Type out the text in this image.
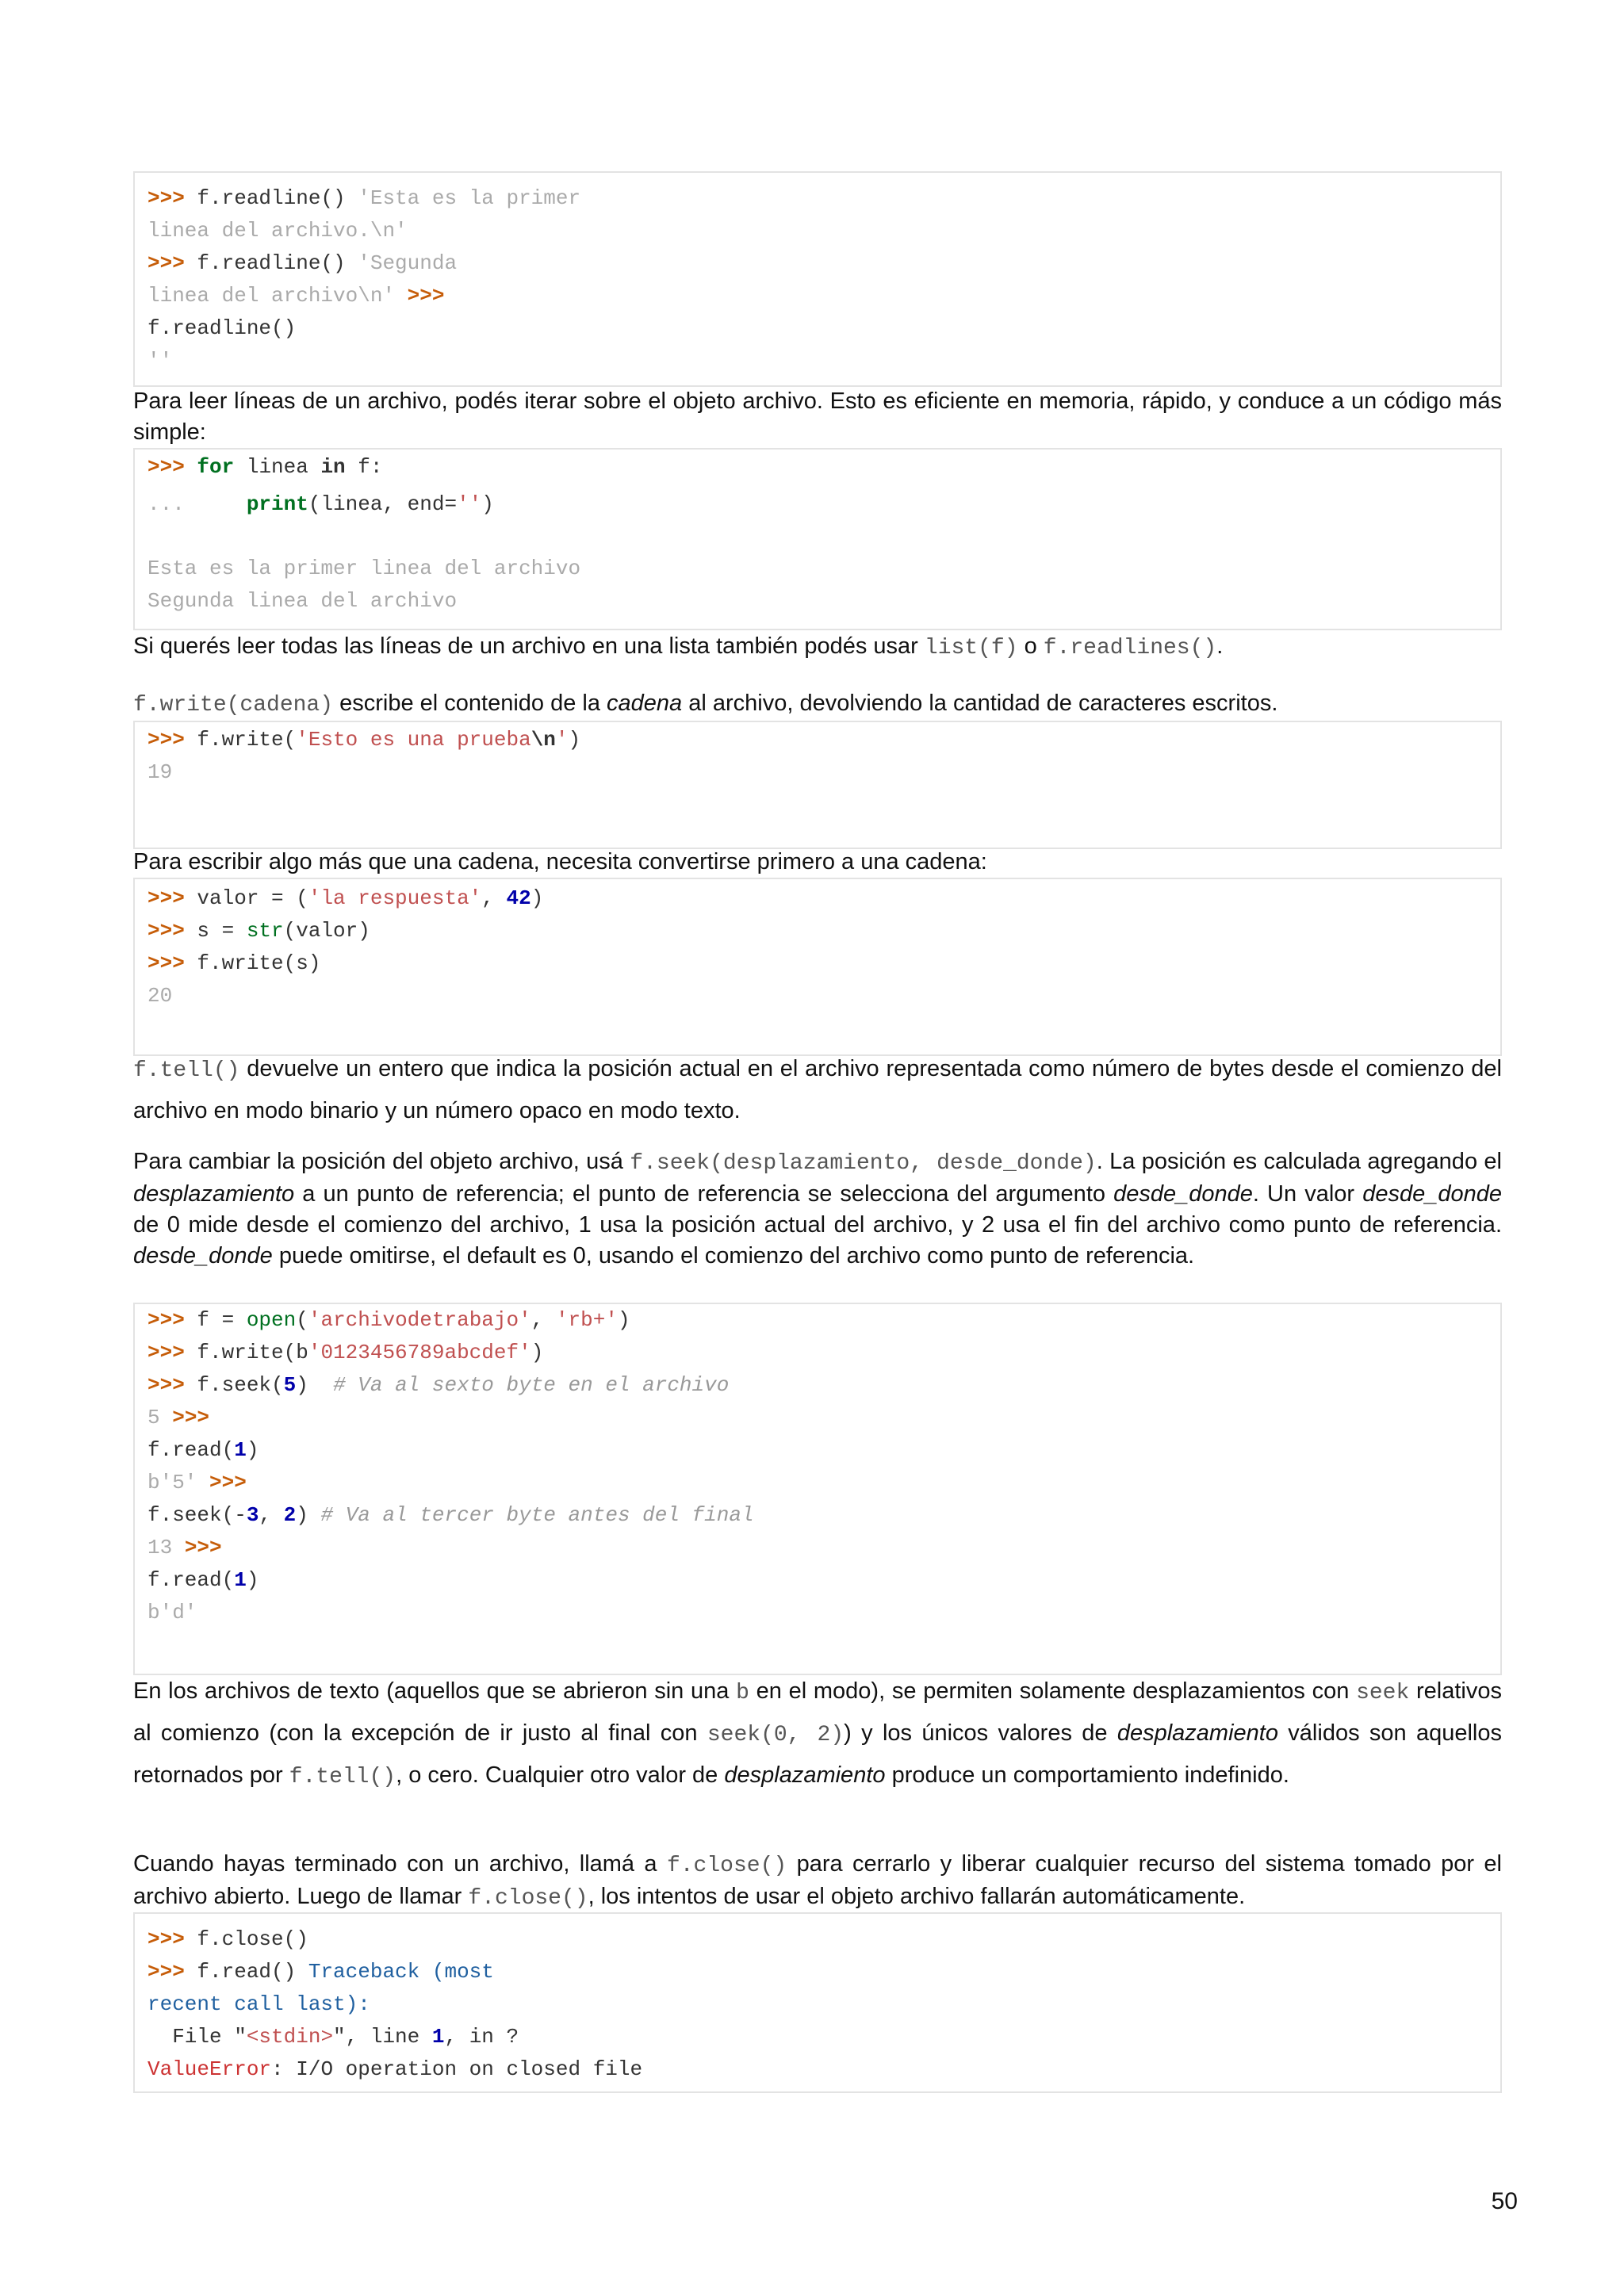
>>> f.readline() 'Esta es la primer
linea del archivo.\n'
>>> f.readline() 'Segunda
linea del archivo\n' >>>
f.readline()
''
Para leer líneas de un archivo, podés iterar sobre el objeto archivo. Esto es eficiente en memoria, rápido, y conduce a un código más simple:
>>> for linea in f:
...	print(linea, end='')
Esta es la primer linea del archivo
Segunda linea del archivo
Si querés leer todas las líneas de un archivo en una lista también podés usar list(f) o f.readlines().
f.write(cadena) escribe el contenido de la cadena al archivo, devolviendo la cantidad de caracteres escritos.
>>> f.write('Esto es una prueba\n')
19
Para escribir algo más que una cadena, necesita convertirse primero a una cadena:
>>> valor = ('la respuesta', 42)
>>> s = str(valor)
>>> f.write(s)
20
f.tell() devuelve un entero que indica la posición actual en el archivo representada como número de bytes desde el comienzo del archivo en modo binario y un número opaco en modo texto.
Para cambiar la posición del objeto archivo, usá f.seek(desplazamiento, desde_donde). La posición es calculada agregando el desplazamiento a un punto de referencia; el punto de referencia se selecciona del argumento desde_donde. Un valor desde_donde de 0 mide desde el comienzo del archivo, 1 usa la posición actual del archivo, y 2 usa el fin del archivo como punto de referencia. desde_donde puede omitirse, el default es 0, usando el comienzo del archivo como punto de referencia.
>>> f = open('archivodetrabajo', 'rb+')
>>> f.write(b'0123456789abcdef')
>>> f.seek(5)  # Va al sexto byte en el archivo
5 >>>
f.read(1)
b'5' >>>
f.seek(-3, 2) # Va al tercer byte antes del final
13 >>>
f.read(1)
b'd'
En los archivos de texto (aquellos que se abrieron sin una b en el modo), se permiten solamente desplazamientos con seek relativos al comienzo (con la excepción de ir justo al final con seek(0, 2)) y los únicos valores de desplazamiento válidos son aquellos retornados por f.tell(), o cero. Cualquier otro valor de desplazamiento produce un comportamiento indefinido.
Cuando hayas terminado con un archivo, llamá a f.close() para cerrarlo y liberar cualquier recurso del sistema tomado por el archivo abierto. Luego de llamar f.close(), los intentos de usar el objeto archivo fallarán automáticamente.
>>> f.close()
>>> f.read() Traceback (most
recent call last):
File "<stdin>", line 1, in ?
ValueError: I/O operation on closed file
50
